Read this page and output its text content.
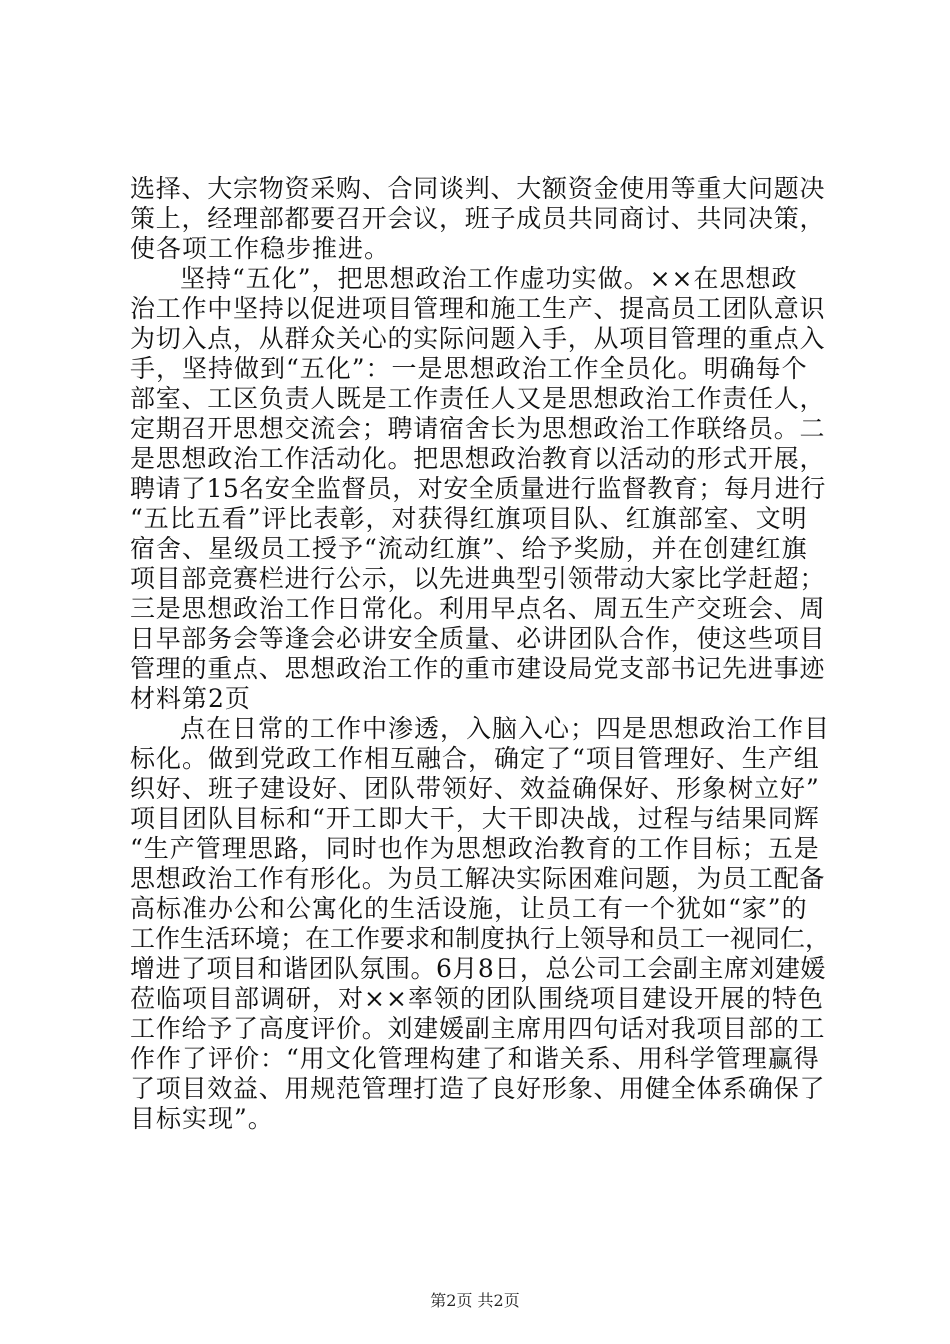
选择、大宗物资采购、合同谈判、大额资金使用等重大问题决
策上，经理部都要召开会议，班子成员共同商讨、共同决策，
使各项工作稳步推进。
坚持“五化”，把思想政治工作虚功实做。××在思想政
治工作中坚持以促进项目管理和施工生产、提高员工团队意识
为切入点，从群众关心的实际问题入手，从项目管理的重点入
手，坚持做到“五化”：一是思想政治工作全员化。明确每个
部室、工区负责人既是工作责任人又是思想政治工作责任人，
定期召开思想交流会；聘请宿舍长为思想政治工作联络员。二
是思想政治工作活动化。把思想政治教育以活动的形式开展，
聘请了15名安全监督员，对安全质量进行监督教育；每月进行
“五比五看”评比表彰，对获得红旗项目队、红旗部室、文明
宿舍、星级员工授予“流动红旗”、给予奖励，并在创建红旗
项目部竞赛栏进行公示，以先进典型引领带动大家比学赶超；
三是思想政治工作日常化。利用早点名、周五生产交班会、周
日早部务会等逢会必讲安全质量、必讲团队合作，使这些项目
管理的重点、思想政治工作的重市建设局党支部书记先进事迹
材料第2页
点在日常的工作中渗透，入脑入心；四是思想政治工作目
标化。做到党政工作相互融合，确定了“项目管理好、生产组
织好、班子建设好、团队带领好、效益确保好、形象树立好”
项目团队目标和“开工即大干，大干即决战，过程与结果同辉
“生产管理思路，同时也作为思想政治教育的工作目标；五是
思想政治工作有形化。为员工解决实际困难问题，为员工配备
高标准办公和公寓化的生活设施，让员工有一个犹如“家”的
工作生活环境；在工作要求和制度执行上领导和员工一视同仁，
增进了项目和谐团队氛围。6月8日，总公司工会副主席刘建媛
莅临项目部调研，对××率领的团队围绕项目建设开展的特色
工作给予了高度评价。刘建媛副主席用四句话对我项目部的工
作作了评价：“用文化管理构建了和谐关系、用科学管理赢得
了项目效益、用规范管理打造了良好形象、用健全体系确保了
目标实现”。
第2页 共2页
